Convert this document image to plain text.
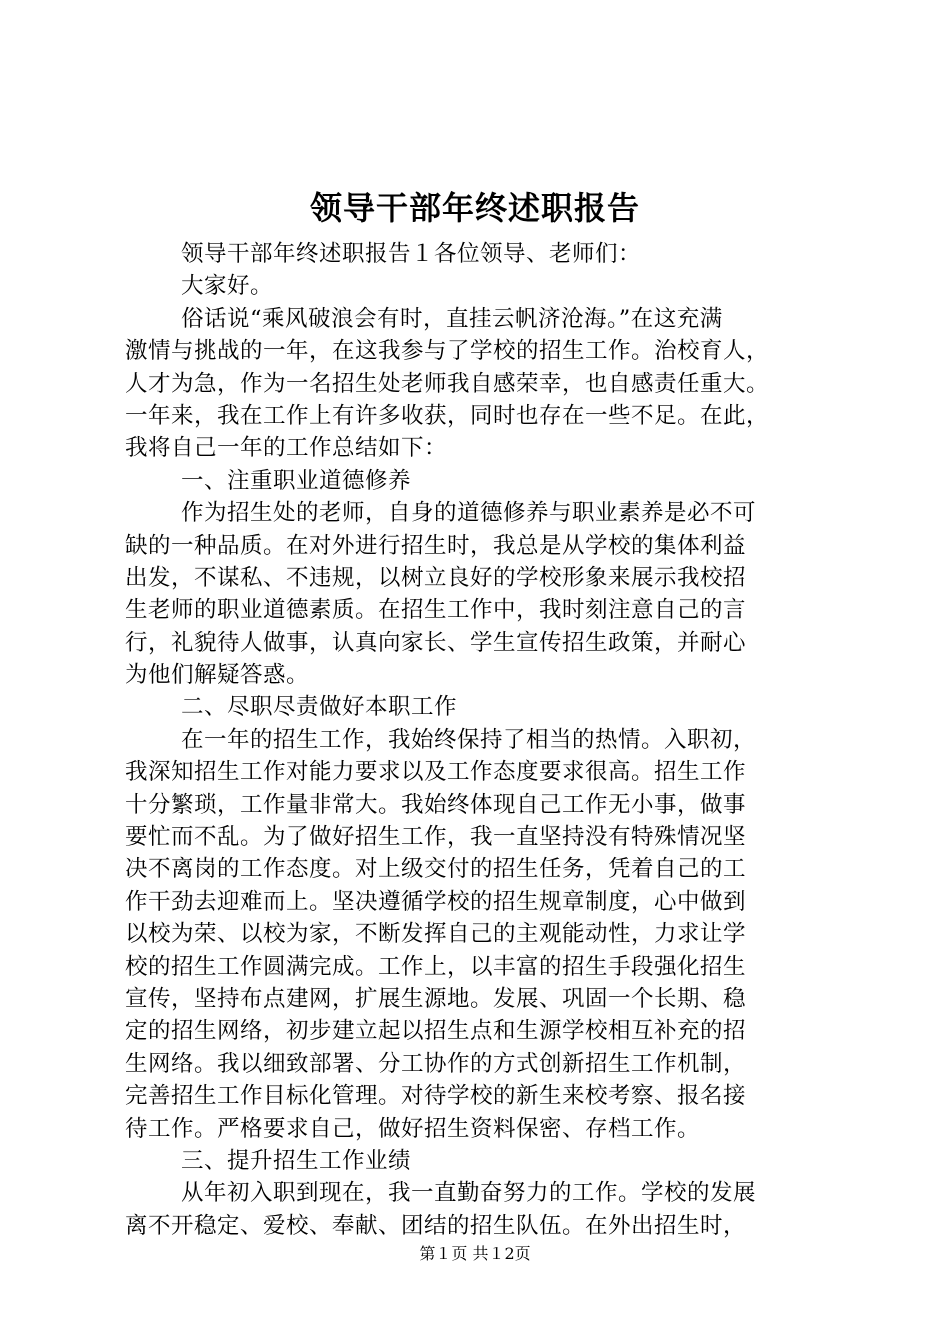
领导干部年终述职报告
领导干部年终述职报告１各位领导、老师们：
大家好。
俗话说“乘风破浪会有时，直挂云帆济沧海。”在这充满
激情与挑战的一年，在这我参与了学校的招生工作。治校育人，
人才为急，作为一名招生处老师我自感荣幸，也自感责任重大。
一年来，我在工作上有许多收获，同时也存在一些不足。在此，
我将自己一年的工作总结如下：
一、注重职业道德修养
作为招生处的老师，自身的道德修养与职业素养是必不可
缺的一种品质。在对外进行招生时，我总是从学校的集体利益
出发，不谋私、不违规，以树立良好的学校形象来展示我校招
生老师的职业道德素质。在招生工作中，我时刻注意自己的言
行，礼貌待人做事，认真向家长、学生宣传招生政策，并耐心
为他们解疑答惑。
二、尽职尽责做好本职工作
在一年的招生工作，我始终保持了相当的热情。入职初，
我深知招生工作对能力要求以及工作态度要求很高。招生工作
十分繁琐，工作量非常大。我始终体现自己工作无小事，做事
要忙而不乱。为了做好招生工作，我一直坚持没有特殊情况坚
决不离岗的工作态度。对上级交付的招生任务，凭着自己的工
作干劲去迎难而上。坚决遵循学校的招生规章制度，心中做到
以校为荣、以校为家，不断发挥自己的主观能动性，力求让学
校的招生工作圆满完成。工作上，以丰富的招生手段强化招生
宣传，坚持布点建网，扩展生源地。发展、巩固一个长期、稳
定的招生网络，初步建立起以招生点和生源学校相互补充的招
生网络。我以细致部署、分工协作的方式创新招生工作机制，
完善招生工作目标化管理。对待学校的新生来校考察、报名接
待工作。严格要求自己，做好招生资料保密、存档工作。
三、提升招生工作业绩
从年初入职到现在，我一直勤奋努力的工作。学校的发展
离不开稳定、爱校、奉献、团结的招生队伍。在外出招生时，
第１页 共１2页
